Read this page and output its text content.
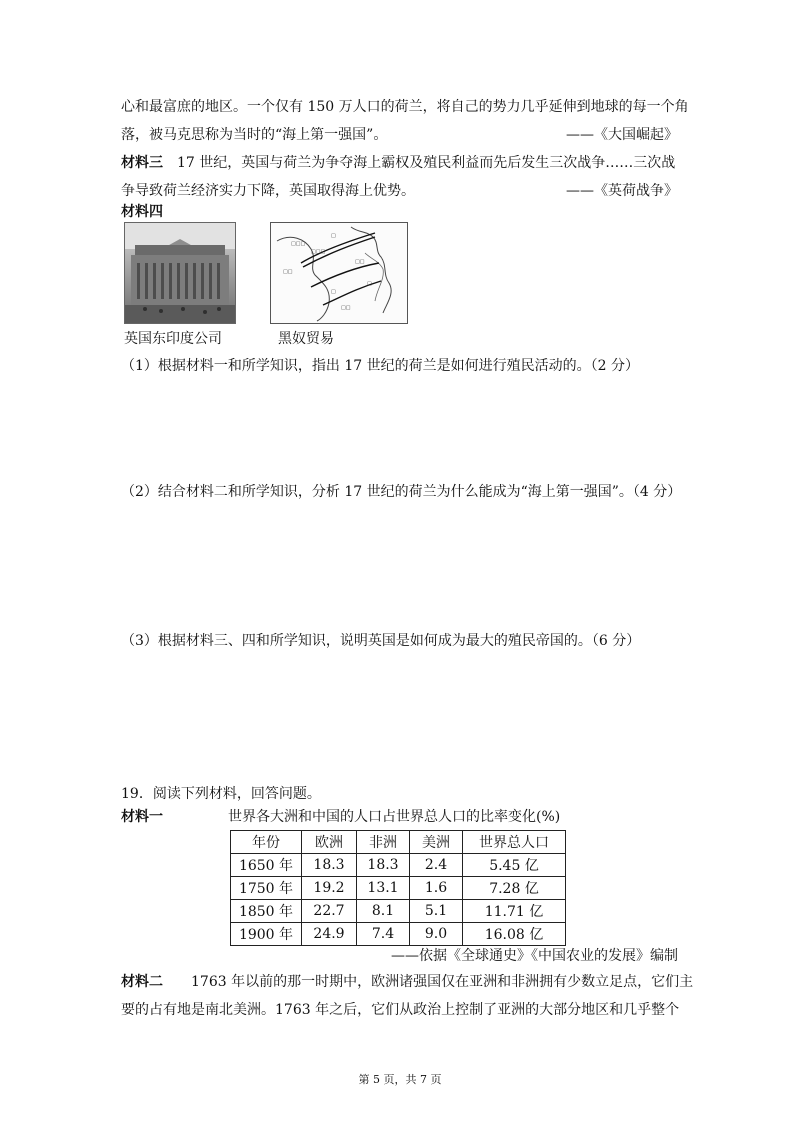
心和最富庶的地区。一个仅有 150 万人口的荷兰，将自己的势力几乎延伸到地球的每一个角
落，被马克思称为当时的“海上第一强国”。	——《大国崛起》
材料三　17 世纪，英国与荷兰为争夺海上霸权及殖民利益而先后发生三次战争……三次战
争导致荷兰经济实力下降，英国取得海上优势。	——《英荷战争》
材料四
□□□
□
□□
□□
□
□
□□
□□□
英国东印度公司	黑奴贸易
（1）根据材料一和所学知识，指出 17 世纪的荷兰是如何进行殖民活动的。（2 分）
（2）结合材料二和所学知识，分析 17 世纪的荷兰为什么能成为“海上第一强国”。（4 分）
（3）根据材料三、四和所学知识，说明英国是如何成为最大的殖民帝国的。（6 分）
19．阅读下列材料，回答问题。
材料一	世界各大洲和中国的人口占世界总人口的比率变化(%)
年份	欧洲	非洲	美洲	世界总人口
1650 年	18.3	18.3	2.4	5.45 亿
1750 年	19.2	13.1	1.6	7.28 亿
1850 年	22.7	8.1	5.1	11.71 亿
1900 年	24.9	7.4	9.0	16.08 亿
——依据《全球通史》《中国农业的发展》编制
材料二　　1763 年以前的那一时期中，欧洲诸强国仅在亚洲和非洲拥有少数立足点，它们主
要的占有地是南北美洲。1763 年之后，它们从政治上控制了亚洲的大部分地区和几乎整个
第 5 页，共 7 页
